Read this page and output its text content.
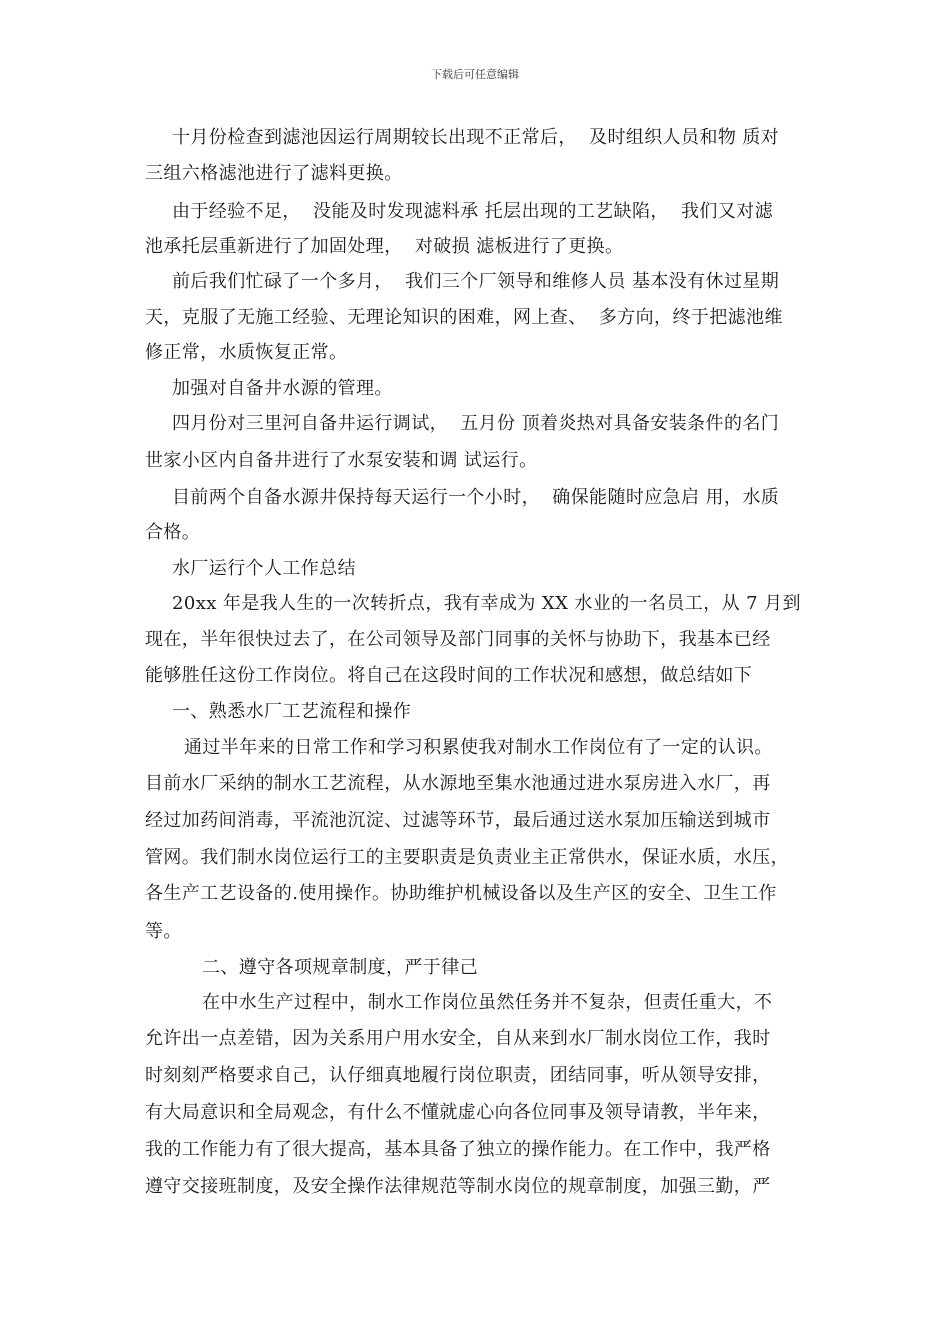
下载后可任意编辑
十月份检查到滤池因运行周期较长出现不正常后，  及时组织人员和物 质对
三组六格滤池进行了滤料更换。
由于经验不足，  没能及时发现滤料承 托层出现的工艺缺陷，  我们又对滤
池承托层重新进行了加固处理，  对破损 滤板进行了更换。
前后我们忙碌了一个多月，  我们三个厂领导和维修人员 基本没有休过星期
天，克服了无施工经验、无理论知识的困难，网上查、  多方向，终于把滤池维
修正常，水质恢复正常。
加强对自备井水源的管理。
四月份对三里河自备井运行调试，  五月份 顶着炎热对具备安装条件的名门
世家小区内自备井进行了水泵安装和调 试运行。
目前两个自备水源井保持每天运行一个小时，  确保能随时应急启 用，水质
合格。
水厂运行个人工作总结
20xx 年是我人生的一次转折点，我有幸成为 XX 水业的一名员工，从 7 月到
现在，半年很快过去了，在公司领导及部门同事的关怀与协助下，我基本已经
能够胜任这份工作岗位。将自己在这段时间的工作状况和感想，做总结如下
一、熟悉水厂工艺流程和操作
通过半年来的日常工作和学习积累使我对制水工作岗位有了一定的认识。
目前水厂采纳的制水工艺流程，从水源地至集水池通过进水泵房进入水厂，再
经过加药间消毒，平流池沉淀、过滤等环节，最后通过送水泵加压输送到城市
管网。我们制水岗位运行工的主要职责是负责业主正常供水，保证水质，水压，
各生产工艺设备的.使用操作。协助维护机械设备以及生产区的安全、卫生工作
等。
二、遵守各项规章制度，严于律己
在中水生产过程中，制水工作岗位虽然任务并不复杂，但责任重大，不
允许出一点差错，因为关系用户用水安全，自从来到水厂制水岗位工作，我时
时刻刻严格要求自己，认仔细真地履行岗位职责，团结同事，听从领导安排，
有大局意识和全局观念，有什么不懂就虚心向各位同事及领导请教，半年来，
我的工作能力有了很大提高，基本具备了独立的操作能力。在工作中，我严格
遵守交接班制度，及安全操作法律规范等制水岗位的规章制度，加强三勤，严
